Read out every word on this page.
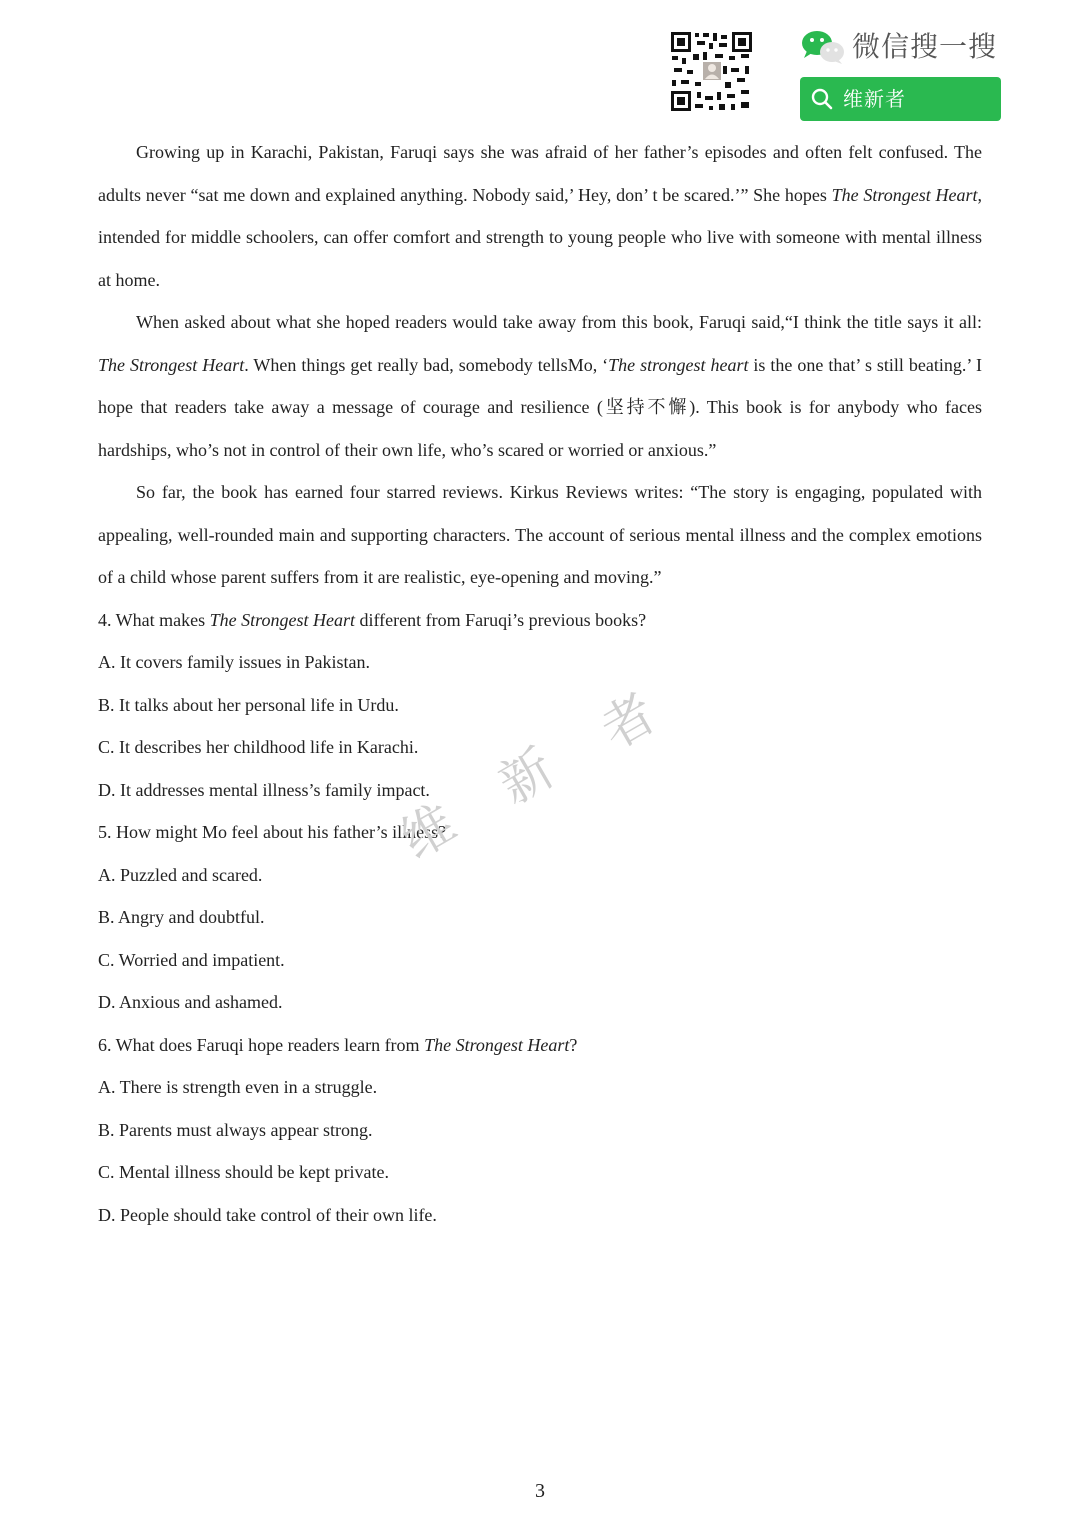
微信搜一搜
维新者

Growing up in Karachi, Pakistan, Faruqi says she was afraid of her father’s episodes and often felt confused. The adults never “sat me down and explained anything. Nobody said,’ Hey, don’ t be scared.’” She hopes The Strongest Heart, intended for middle schoolers, can offer comfort and strength to young people who live with someone with mental illness at home.

When asked about what she hoped readers would take away from this book, Faruqi said,“I think the title says it all: The Strongest Heart. When things get really bad, somebody tellsMo, ‘The strongest heart is the one that’ s still beating.’ I hope that readers take away a message of courage and resilience (坚持不懈). This book is for anybody who faces hardships, who’s not in control of their own life, who’s scared or worried or anxious.”

So far, the book has earned four starred reviews. Kirkus Reviews writes: “The story is engaging, populated with appealing, well-rounded main and supporting characters. The account of serious mental illness and the complex emotions of a child whose parent suffers from it are realistic, eye-opening and moving.”

4. What makes The Strongest Heart different from Faruqi’s previous books?

A. It covers family issues in Pakistan.

B. It talks about her personal life in Urdu.

C. It describes her childhood life in Karachi.

D. It addresses mental illness’s family impact.

5. How might Mo feel about his father’s illness?

A. Puzzled and scared.

B. Angry and doubtful.

C. Worried and impatient.

D. Anxious and ashamed.

6. What does Faruqi hope readers learn from The Strongest Heart?

A. There is strength even in a struggle.

B. Parents must always appear strong.

C. Mental illness should be kept private.

D. People should take control of their own life.

维
新
者
3
